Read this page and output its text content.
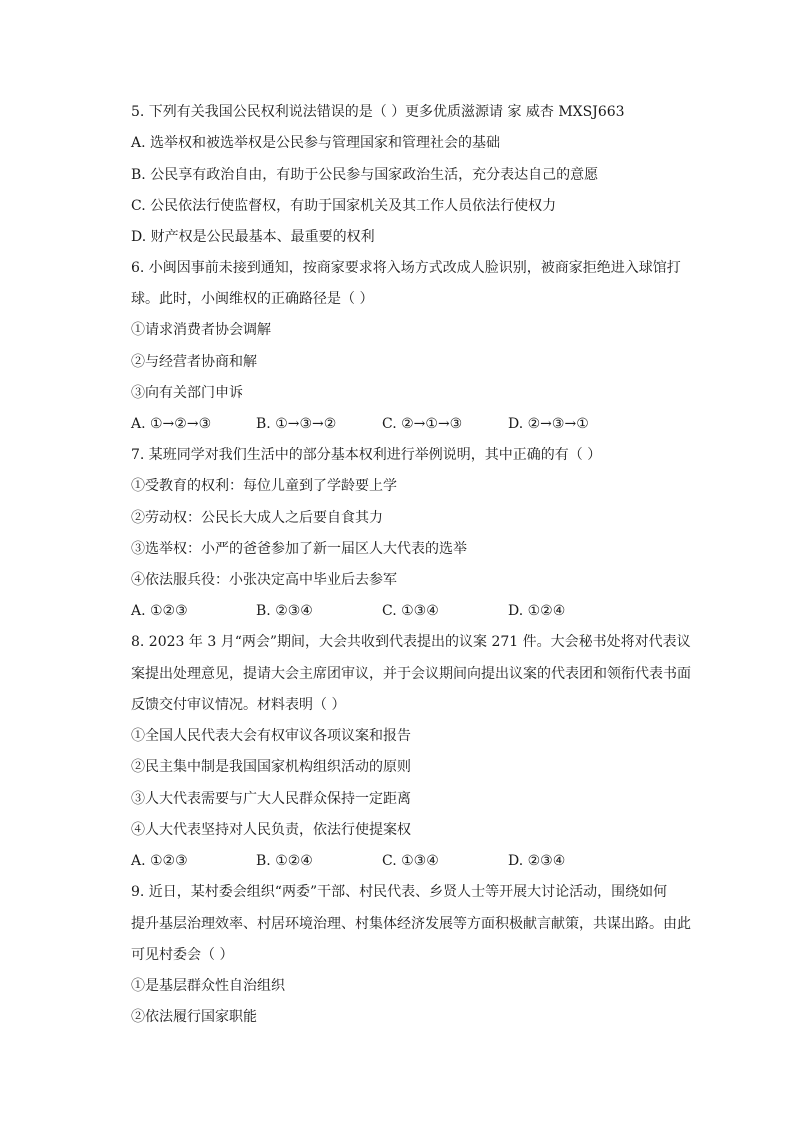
5. 下列有关我国公民权利说法错误的是（ ） 更多优质滋源请 家 威杏 MXSJ663
A. 选举权和被选举权是公民参与管理国家和管理社会的基础
B. 公民享有政治自由，有助于公民参与国家政治生活，充分表达自己的意愿
C. 公民依法行使监督权，有助于国家机关及其工作人员依法行使权力
D. 财产权是公民最基本、最重要的权利
6. 小闽因事前未接到通知，按商家要求将入场方式改成人脸识别，被商家拒绝进入球馆打
球。此时，小闽维权的正确路径是（ ）
①请求消费者协会调解
②与经营者协商和解
③向有关部门申诉
A. ①→②→③	B. ①→③→②	C. ②→①→③	D. ②→③→①
7. 某班同学对我们生活中的部分基本权利进行举例说明，其中正确的有（ ）
①受教育的权利：每位儿童到了学龄要上学
②劳动权：公民长大成人之后要自食其力
③选举权：小严的爸爸参加了新一届区人大代表的选举
④依法服兵役：小张决定高中毕业后去参军
A. ①②③	B. ②③④	C. ①③④	D. ①②④
8. 2023 年 3 月“两会”期间，大会共收到代表提出的议案 271 件。大会秘书处将对代表议
案提出处理意见，提请大会主席团审议，并于会议期间向提出议案的代表团和领衔代表书面
反馈交付审议情况。材料表明（ ）
①全国人民代表大会有权审议各项议案和报告
②民主集中制是我国国家机构组织活动的原则
③人大代表需要与广大人民群众保持一定距离
④人大代表坚持对人民负责，依法行使提案权
A. ①②③	B. ①②④	C. ①③④	D. ②③④
9. 近日，某村委会组织“两委”干部、村民代表、乡贤人士等开展大讨论活动，围绕如何
提升基层治理效率、村居环境治理、村集体经济发展等方面积极献言献策，共谋出路。由此
可见村委会（ ）
①是基层群众性自治组织
②依法履行国家职能
